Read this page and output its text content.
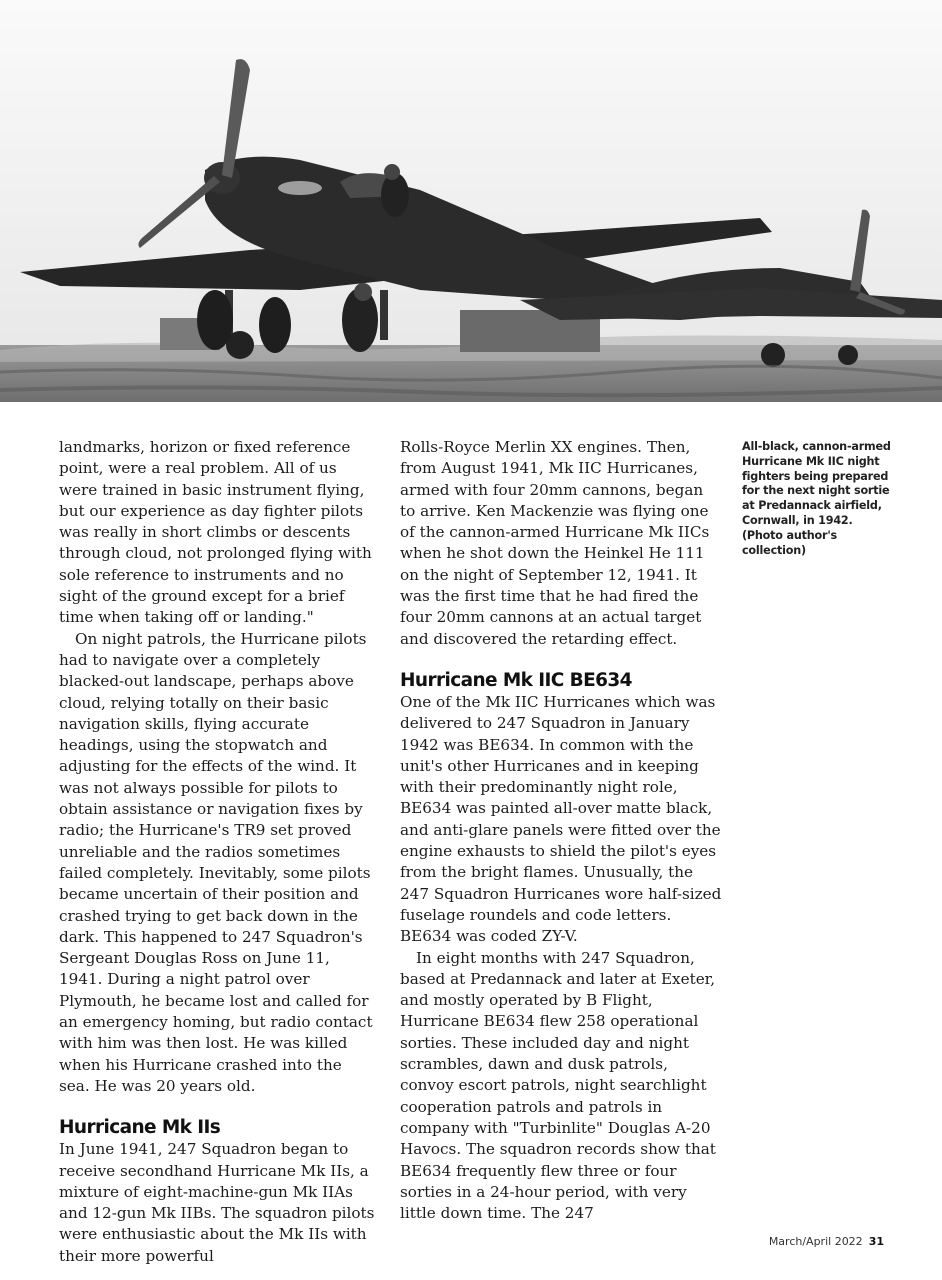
landmarks, horizon or fixed reference point, were a real problem. All of us were trained in basic instrument flying, but our experience as day fighter pilots was really in short climbs or descents through cloud, not prolonged flying with sole reference to instruments and no sight of the ground except for a brief time when taking off or landing."

On night patrols, the Hurricane pilots had to navigate over a completely blacked-out landscape, perhaps above cloud, relying totally on their basic navigation skills, flying accurate headings, using the stopwatch and adjusting for the effects of the wind. It was not always possible for pilots to obtain assistance or navigation fixes by radio; the Hurricane's TR9 set proved unreliable and the radios sometimes failed completely. Inevitably, some pilots became uncertain of their position and crashed trying to get back down in the dark. This happened to 247 Squadron's Sergeant Douglas Ross on June 11, 1941. During a night patrol over Plymouth, he became lost and called for an emergency homing, but radio contact with him was then lost. He was killed when his Hurricane crashed into the sea. He was 20 years old.

Hurricane Mk IIs

In June 1941, 247 Squadron began to receive secondhand Hurricane Mk IIs, a mixture of eight-machine-gun Mk IIAs and 12-gun Mk IIBs. The squadron pilots were enthusiastic about the Mk IIs with their more powerful

Rolls-Royce Merlin XX engines. Then, from August 1941, Mk IIC Hurricanes, armed with four 20mm cannons, began to arrive. Ken Mackenzie was flying one of the cannon-armed Hurricane Mk IICs when he shot down the Heinkel He 111 on the night of September 12, 1941. It was the first time that he had fired the four 20mm cannons at an actual target and discovered the retarding effect.

Hurricane Mk IIC BE634

One of the Mk IIC Hurricanes which was delivered to 247 Squadron in January 1942 was BE634. In common with the unit's other Hurricanes and in keeping with their predominantly night role, BE634 was painted all-over matte black, and anti-glare panels were fitted over the engine exhausts to shield the pilot's eyes from the bright flames. Unusually, the 247 Squadron Hurricanes wore half-sized fuselage roundels and code letters. BE634 was coded ZY-V.

In eight months with 247 Squadron, based at Predannack and later at Exeter, and mostly operated by B Flight, Hurricane BE634 flew 258 operational sorties. These included day and night scrambles, dawn and dusk patrols, convoy escort patrols, night searchlight cooperation patrols and patrols in company with "Turbinlite" Douglas A-20 Havocs. The squadron records show that BE634 frequently flew three or four sorties in a 24-hour period, with very little down time. The 247

All-black, cannon-armed Hurricane Mk IIC night fighters being prepared for the next night sortie at Predannack airfield, Cornwall, in 1942. (Photo author's collection)
March/April 2022 31
